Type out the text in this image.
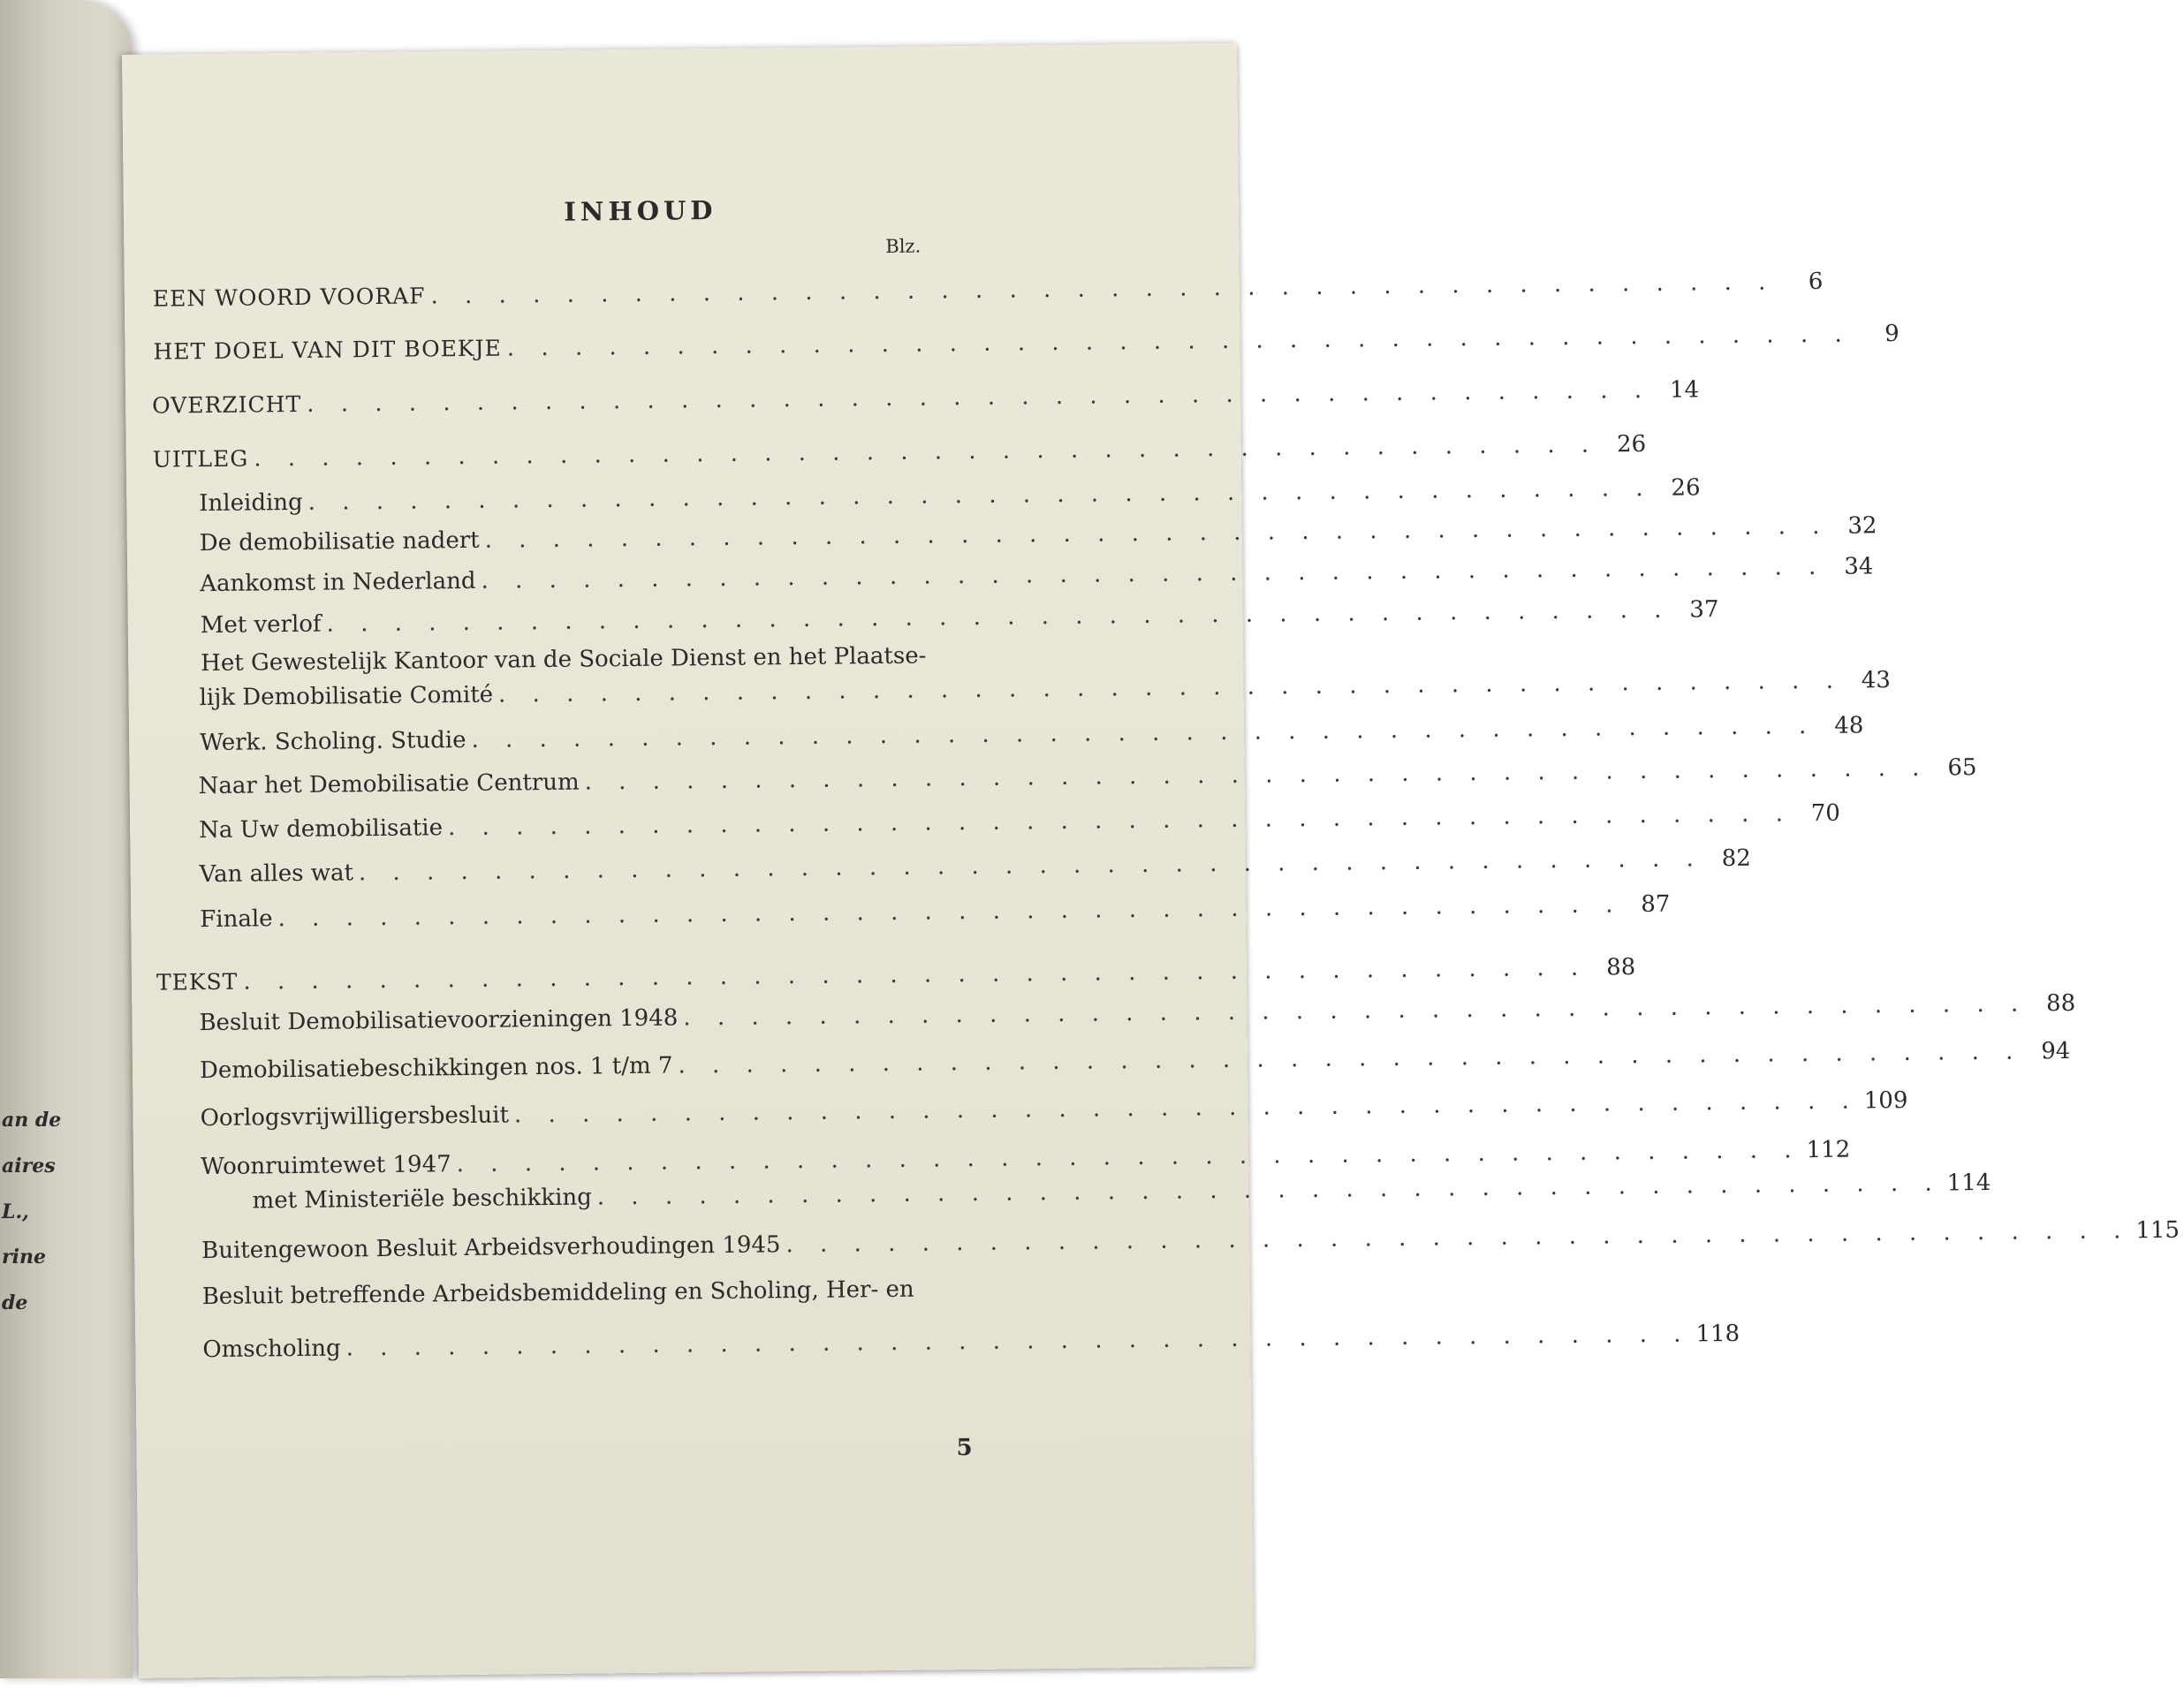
an de
aires
L.,
rine
de
INHOUD
Blz.
EEN WOORD VOORAF . . . . . . . . . . . . . . . . . . . . . . . . . . . . . . . . . . . . . . . .	6
HET DOEL VAN DIT BOEKJE . . . . . . . . . . . . . . . . . . . . . . . . . . . . . . . . . . . . . . . .	9
OVERZICHT . . . . . . . . . . . . . . . . . . . . . . . . . . . . . . . . . . . . . . . . 14
UITLEG . . . . . . . . . . . . . . . . . . . . . . . . . . . . . . . . . . . . . . . . 26
Inleiding . . . . . . . . . . . . . . . . . . . . . . . . . . . . . . . . . . . . . . . . 26
De demobilisatie nadert . . . . . . . . . . . . . . . . . . . . . . . . . . . . . . . . . . . . . . . . 32
Aankomst in Nederland . . . . . . . . . . . . . . . . . . . . . . . . . . . . . . . . . . . . . . . . 34
Met verlof . . . . . . . . . . . . . . . . . . . . . . . . . . . . . . . . . . . . . . . . 37
Het Gewestelijk Kantoor van de Sociale Dienst en het Plaatse-
lijk Demobilisatie Comité . . . . . . . . . . . . . . . . . . . . . . . . . . . . . . . . . . . . . . . . 43
Werk. Scholing. Studie . . . . . . . . . . . . . . . . . . . . . . . . . . . . . . . . . . . . . . . . 48
Naar het Demobilisatie Centrum . . . . . . . . . . . . . . . . . . . . . . . . . . . . . . . . . . . . . . . . 65
Na Uw demobilisatie . . . . . . . . . . . . . . . . . . . . . . . . . . . . . . . . . . . . . . . . 70
Van alles wat . . . . . . . . . . . . . . . . . . . . . . . . . . . . . . . . . . . . . . . . 82
Finale . . . . . . . . . . . . . . . . . . . . . . . . . . . . . . . . . . . . . . . . 87
TEKST . . . . . . . . . . . . . . . . . . . . . . . . . . . . . . . . . . . . . . . . 88
Besluit Demobilisatievoorzieningen 1948 . . . . . . . . . . . . . . . . . . . . . . . . . . . . . . . . . . . . . . . . 88
Demobilisatiebeschikkingen nos. 1 t/m 7 . . . . . . . . . . . . . . . . . . . . . . . . . . . . . . . . . . . . . . . . 94
Oorlogsvrijwilligersbesluit . . . . . . . . . . . . . . . . . . . . . . . . . . . . . . . . . . . . . . . . 109
Woonruimtewet 1947 . . . . . . . . . . . . . . . . . . . . . . . . . . . . . . . . . . . . . . . . 112
met Ministeriële beschikking . . . . . . . . . . . . . . . . . . . . . . . . . . . . . . . . . . . . . . . . 114
Buitengewoon Besluit Arbeidsverhoudingen 1945 . . . . . . . . . . . . . . . . . . . . . . . . . . . . . . . . . . . . . . . . 115
Besluit betreffende Arbeidsbemiddeling en Scholing, Her- en
Omscholing . . . . . . . . . . . . . . . . . . . . . . . . . . . . . . . . . . . . . . . . 118
5
